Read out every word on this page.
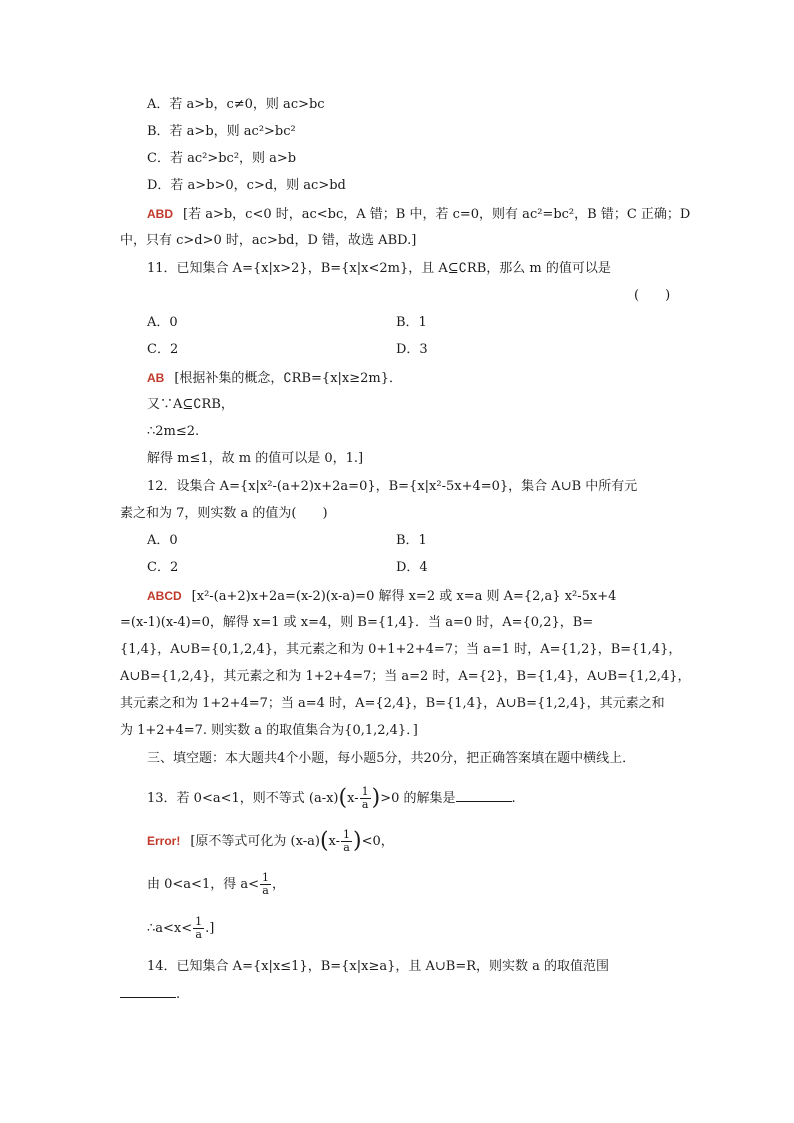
A．若 a>b，c≠0，则 ac>bc
B．若 a>b，则 ac²>bc²
C．若 ac²>bc²，则 a>b
D．若 a>b>0，c>d，则 ac>bd
ABD [若 a>b，c<0 时，ac<bc，A 错；B 中，若 c=0，则有 ac²=bc²，B 错；C 正确；D
中，只有 c>d>0 时，ac>bd，D 错，故选 ABD.]
11．已知集合 A={x|x>2}，B={x|x<2m}，且 A⊆∁RB，那么 m 的值可以是
(　　)
A．0	B．1
C．2	D．3
AB [根据补集的概念，∁RB={x|x≥2m}．
又∵A⊆∁RB，
∴2m≤2.
解得 m≤1，故 m 的值可以是 0，1.]
12．设集合 A={x|x²-(a+2)x+2a=0}，B={x|x²-5x+4=0}，集合 A∪B 中所有元
素之和为 7，则实数 a 的值为(　　)
A．0	B．1
C．2	D．4
ABCD [x²-(a+2)x+2a=(x-2)(x-a)=0 解得 x=2 或 x=a 则 A={2,a} x²-5x+4
=(x-1)(x-4)=0，解得 x=1 或 x=4，则 B={1,4}．当 a=0 时，A={0,2}，B=
{1,4}，A∪B={0,1,2,4}，其元素之和为 0+1+2+4=7；当 a=1 时，A={1,2}，B={1,4}，
A∪B={1,2,4}，其元素之和为 1+2+4=7；当 a=2 时，A={2}，B={1,4}，A∪B={1,2,4}，
其元素之和为 1+2+4=7；当 a=4 时，A={2,4}，B={1,4}，A∪B={1,2,4}，其元素之和
为 1+2+4=7. 则实数 a 的取值集合为{0,1,2,4}．]
三、填空题：本大题共4个小题，每小题5分，共20分，把正确答案填在题中横线上．
13．若 0<a<1，则不等式 $(a-x)(x- \frac{1}{a} )>0$ 的解集是	.
Error! [原不等式可化为 $(x-a)(x- \frac{1}{a} )<0$，
由 0<a<1，得 $a< \frac{1}{a}$ ，
∴a<x< $\frac{1}{a}$ .]
14．已知集合 A={x|x≤1}，B={x|x≥a}，且 A∪B=R，则实数 a 的取值范围
.
